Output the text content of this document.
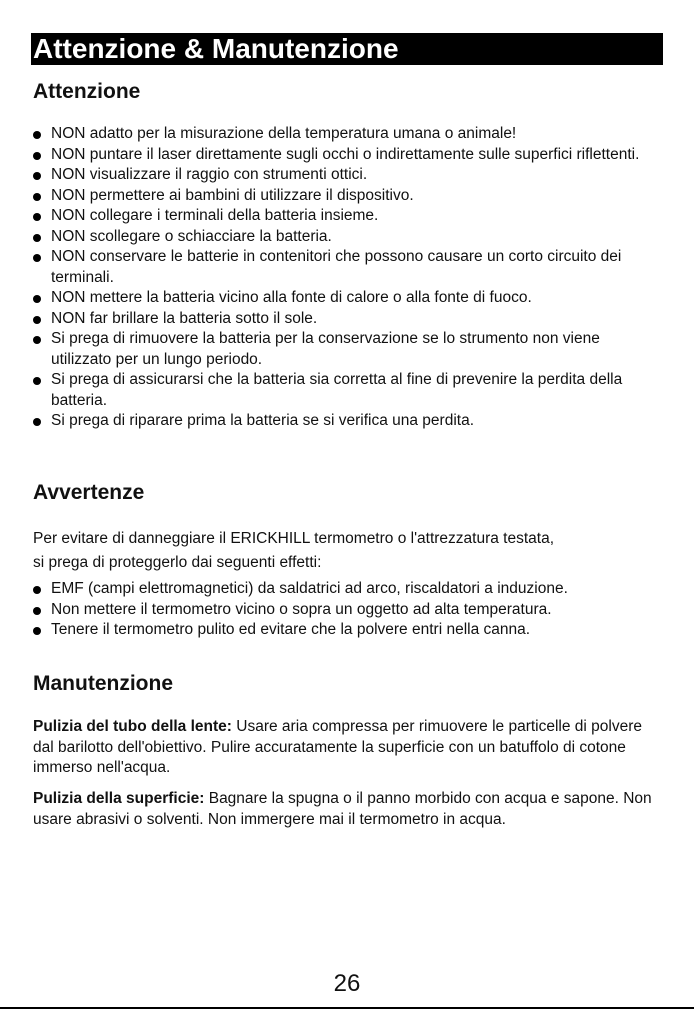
Attenzione & Manutenzione
Attenzione
NON adatto per la misurazione della temperatura umana o animale!
NON puntare il laser direttamente sugli occhi o indirettamente sulle superfici riflettenti.
NON visualizzare il raggio con strumenti ottici.
NON permettere ai bambini di utilizzare il dispositivo.
NON collegare i terminali della batteria insieme.
NON scollegare o schiacciare la batteria.
NON conservare le batterie in contenitori che possono causare un corto circuito dei terminali.
NON mettere la batteria vicino alla fonte di calore o alla fonte di fuoco.
NON far brillare la batteria sotto il sole.
Si prega di rimuovere la batteria per la conservazione se lo strumento non viene utilizzato per un lungo periodo.
Si prega di assicurarsi che la batteria sia corretta al fine di prevenire la perdita della batteria.
Si prega di riparare prima la batteria se si verifica una perdita.
Avvertenze

Per evitare di danneggiare il ERICKHILL termometro o l'attrezzatura testata,

si prega di proteggerlo dai seguenti effetti:

EMF (campi elettromagnetici) da saldatrici ad arco, riscaldatori a induzione.
Non mettere il termometro vicino o sopra un oggetto ad alta temperatura.
Tenere il termometro pulito ed evitare che la polvere entri nella canna.
Manutenzione

Pulizia del tubo della lente: Usare aria compressa per rimuovere le particelle di polvere dal barilotto dell'obiettivo. Pulire accuratamente la superficie con un batuffolo di cotone immerso nell'acqua.

Pulizia della superficie: Bagnare la spugna o il panno morbido con acqua e sapone. Non usare abrasivi o solventi. Non immergere mai il termometro in acqua.

26
